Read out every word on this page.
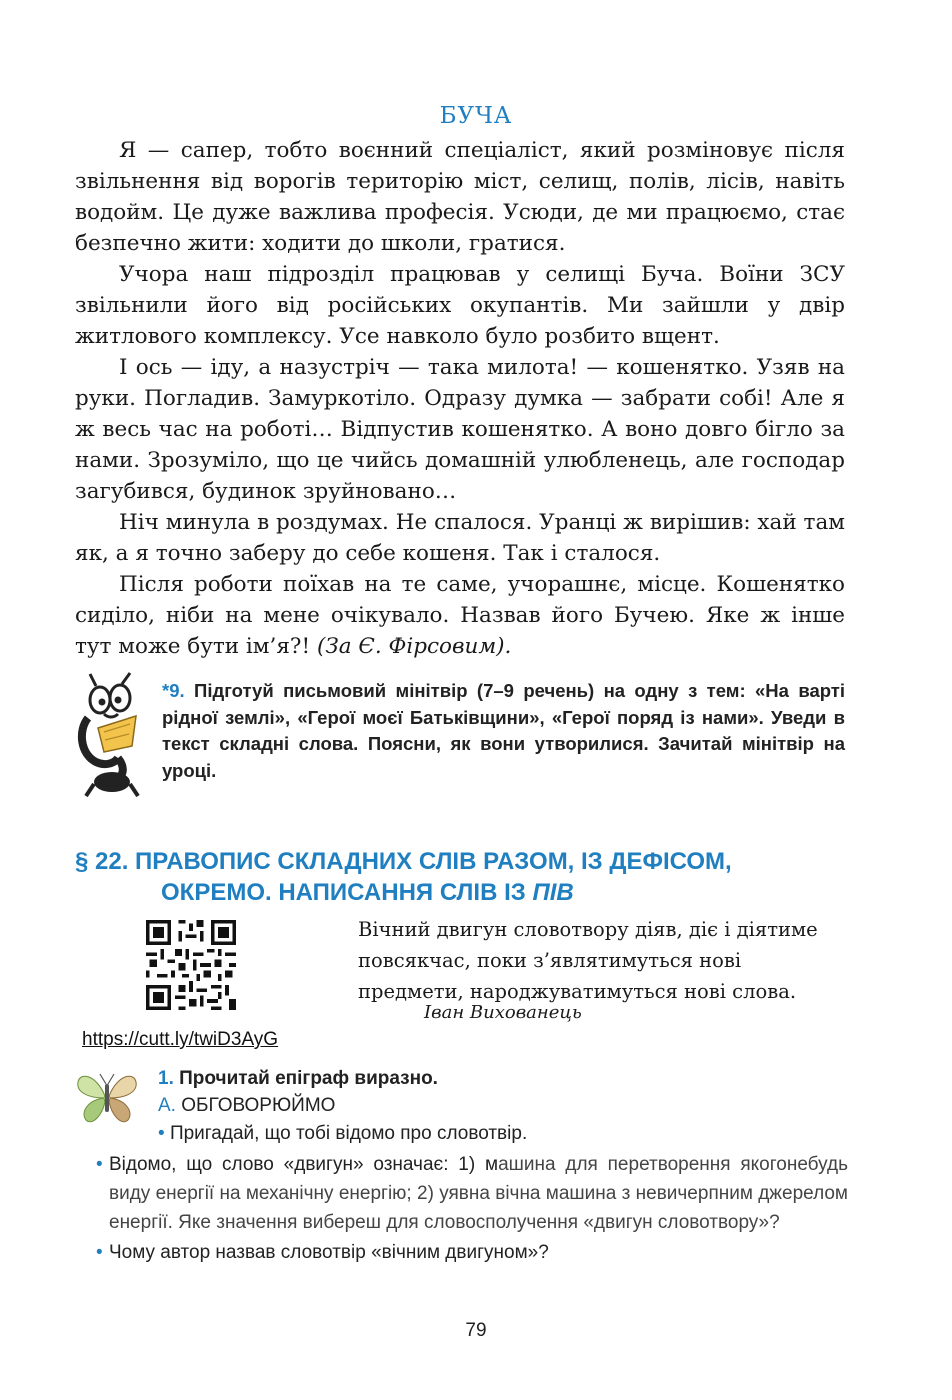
БУЧА

Я — сапер, тобто воєнний спеціаліст, який розміновує після звільнення від ворогів територію міст, селищ, полів, лісів, навіть водойм. Це дуже важлива професія. Усюди, де ми працюємо, стає безпечно жити: ходити до школи, гратися.

Учора наш підрозділ працював у селищі Буча. Воїни ЗСУ звільнили його від російських окупантів. Ми зайшли у двір житлового комплексу. Усе навколо було розбито вщент.

І ось — іду, а назустріч — така милота! — кошенятко. Узяв на руки. Погладив. Замуркотіло. Одразу думка — забрати собі! Але я ж весь час на роботі… Відпустив кошенятко. А воно довго бігло за нами. Зрозуміло, що це чийсь домашній улюбленець, але господар загубився, будинок зруйновано…

Ніч минула в роздумах. Не спалося. Уранці ж вирішив: хай там як, а я точно заберу до себе кошеня. Так і сталося.

Після роботи поїхав на те саме, учорашнє, місце. Кошенятко сиділо, ніби на мене очікувало. Назвав його Бучею. Яке ж інше тут може бути ім’я?! (За Є. Фірсовим).

*9. Підготуй письмовий мінітвір (7–9 речень) на одну з тем: «На варті рідної землі», «Герої моєї Батьківщини», «Герої поряд із нами». Уведи в текст складні слова. Поясни, як вони утворилися. Зачитай мінітвір на уроці.
§ 22. ПРАВОПИС СКЛАДНИХ СЛІВ РАЗОМ, ІЗ ДЕФІСОМ,
ОКРЕМО. НАПИСАННЯ СЛІВ ІЗ ПІВ
https://cutt.ly/twiD3AyG
Вічний двигун словотвору діяв, діє і діятиме повсякчас, поки з’являтимуться нові предмети, народжуватимуться нові слова.
Іван Вихованець
1. Прочитай епіграф виразно.
А. ОБГОВОРЮЙМО
• Пригадай, що тобі відомо про словотвір.
• Відомо, що слово «двигун» означає: 1) машина для перетворення якогонебудь виду енергії на механічну енергію; 2) уявна вічна машина з невичерпним джерелом енергії. Яке значення вибереш для словосполучення «двигун словотвору»?
• Чому автор назвав словотвір «вічним двигуном»?
79
